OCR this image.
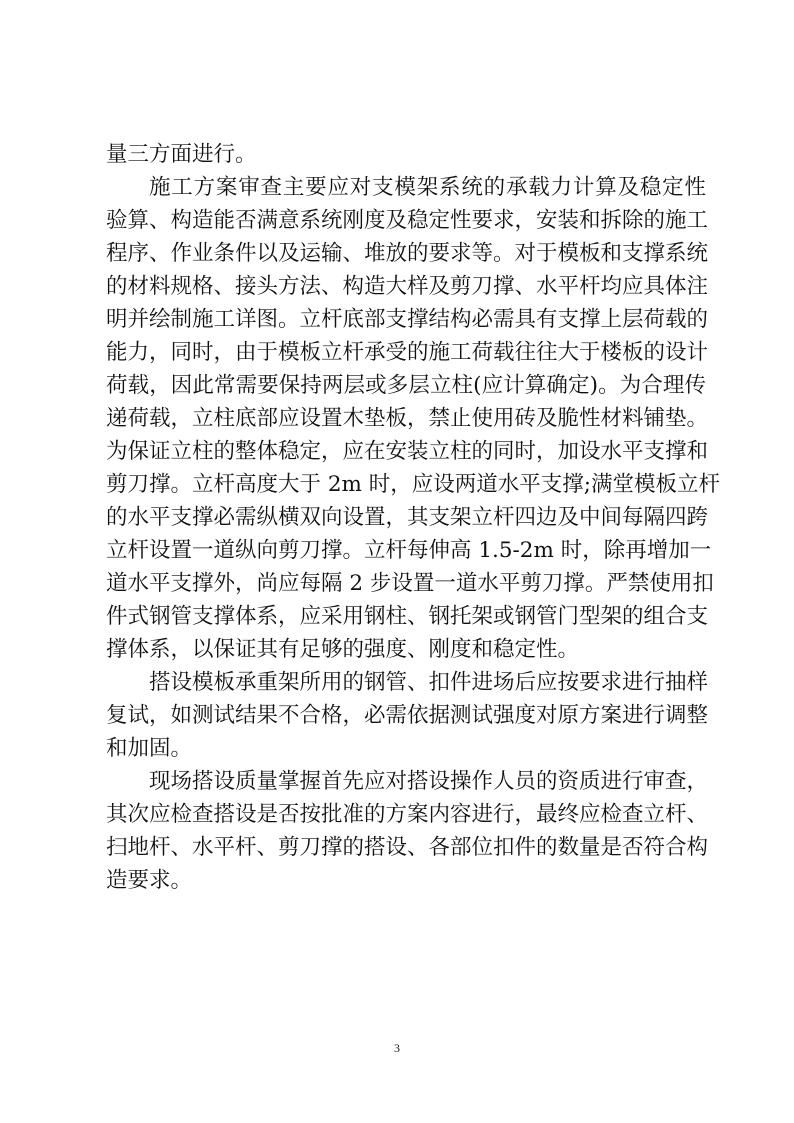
量三方面进行。
施工方案审查主要应对支模架系统的承载力计算及稳定性
验算、构造能否满意系统刚度及稳定性要求，安装和拆除的施工
程序、作业条件以及运输、堆放的要求等。对于模板和支撑系统
的材料规格、接头方法、构造大样及剪刀撑、水平杆均应具体注
明并绘制施工详图。立杆底部支撑结构必需具有支撑上层荷载的
能力，同时，由于模板立杆承受的施工荷载往往大于楼板的设计
荷载，因此常需要保持两层或多层立柱(应计算确定)。为合理传
递荷载，立柱底部应设置木垫板，禁止使用砖及脆性材料铺垫。
为保证立柱的整体稳定，应在安装立柱的同时，加设水平支撑和
剪刀撑。立杆高度大于 2m 时，应设两道水平支撑;满堂模板立杆
的水平支撑必需纵横双向设置，其支架立杆四边及中间每隔四跨
立杆设置一道纵向剪刀撑。立杆每伸高 1.5-2m 时，除再增加一
道水平支撑外，尚应每隔 2 步设置一道水平剪刀撑。严禁使用扣
件式钢管支撑体系，应采用钢柱、钢托架或钢管门型架的组合支
撑体系，以保证其有足够的强度、刚度和稳定性。
搭设模板承重架所用的钢管、扣件进场后应按要求进行抽样
复试，如测试结果不合格，必需依据测试强度对原方案进行调整
和加固。
现场搭设质量掌握首先应对搭设操作人员的资质进行审查，
其次应检查搭设是否按批准的方案内容进行，最终应检查立杆、
扫地杆、水平杆、剪刀撑的搭设、各部位扣件的数量是否符合构
造要求。
3
